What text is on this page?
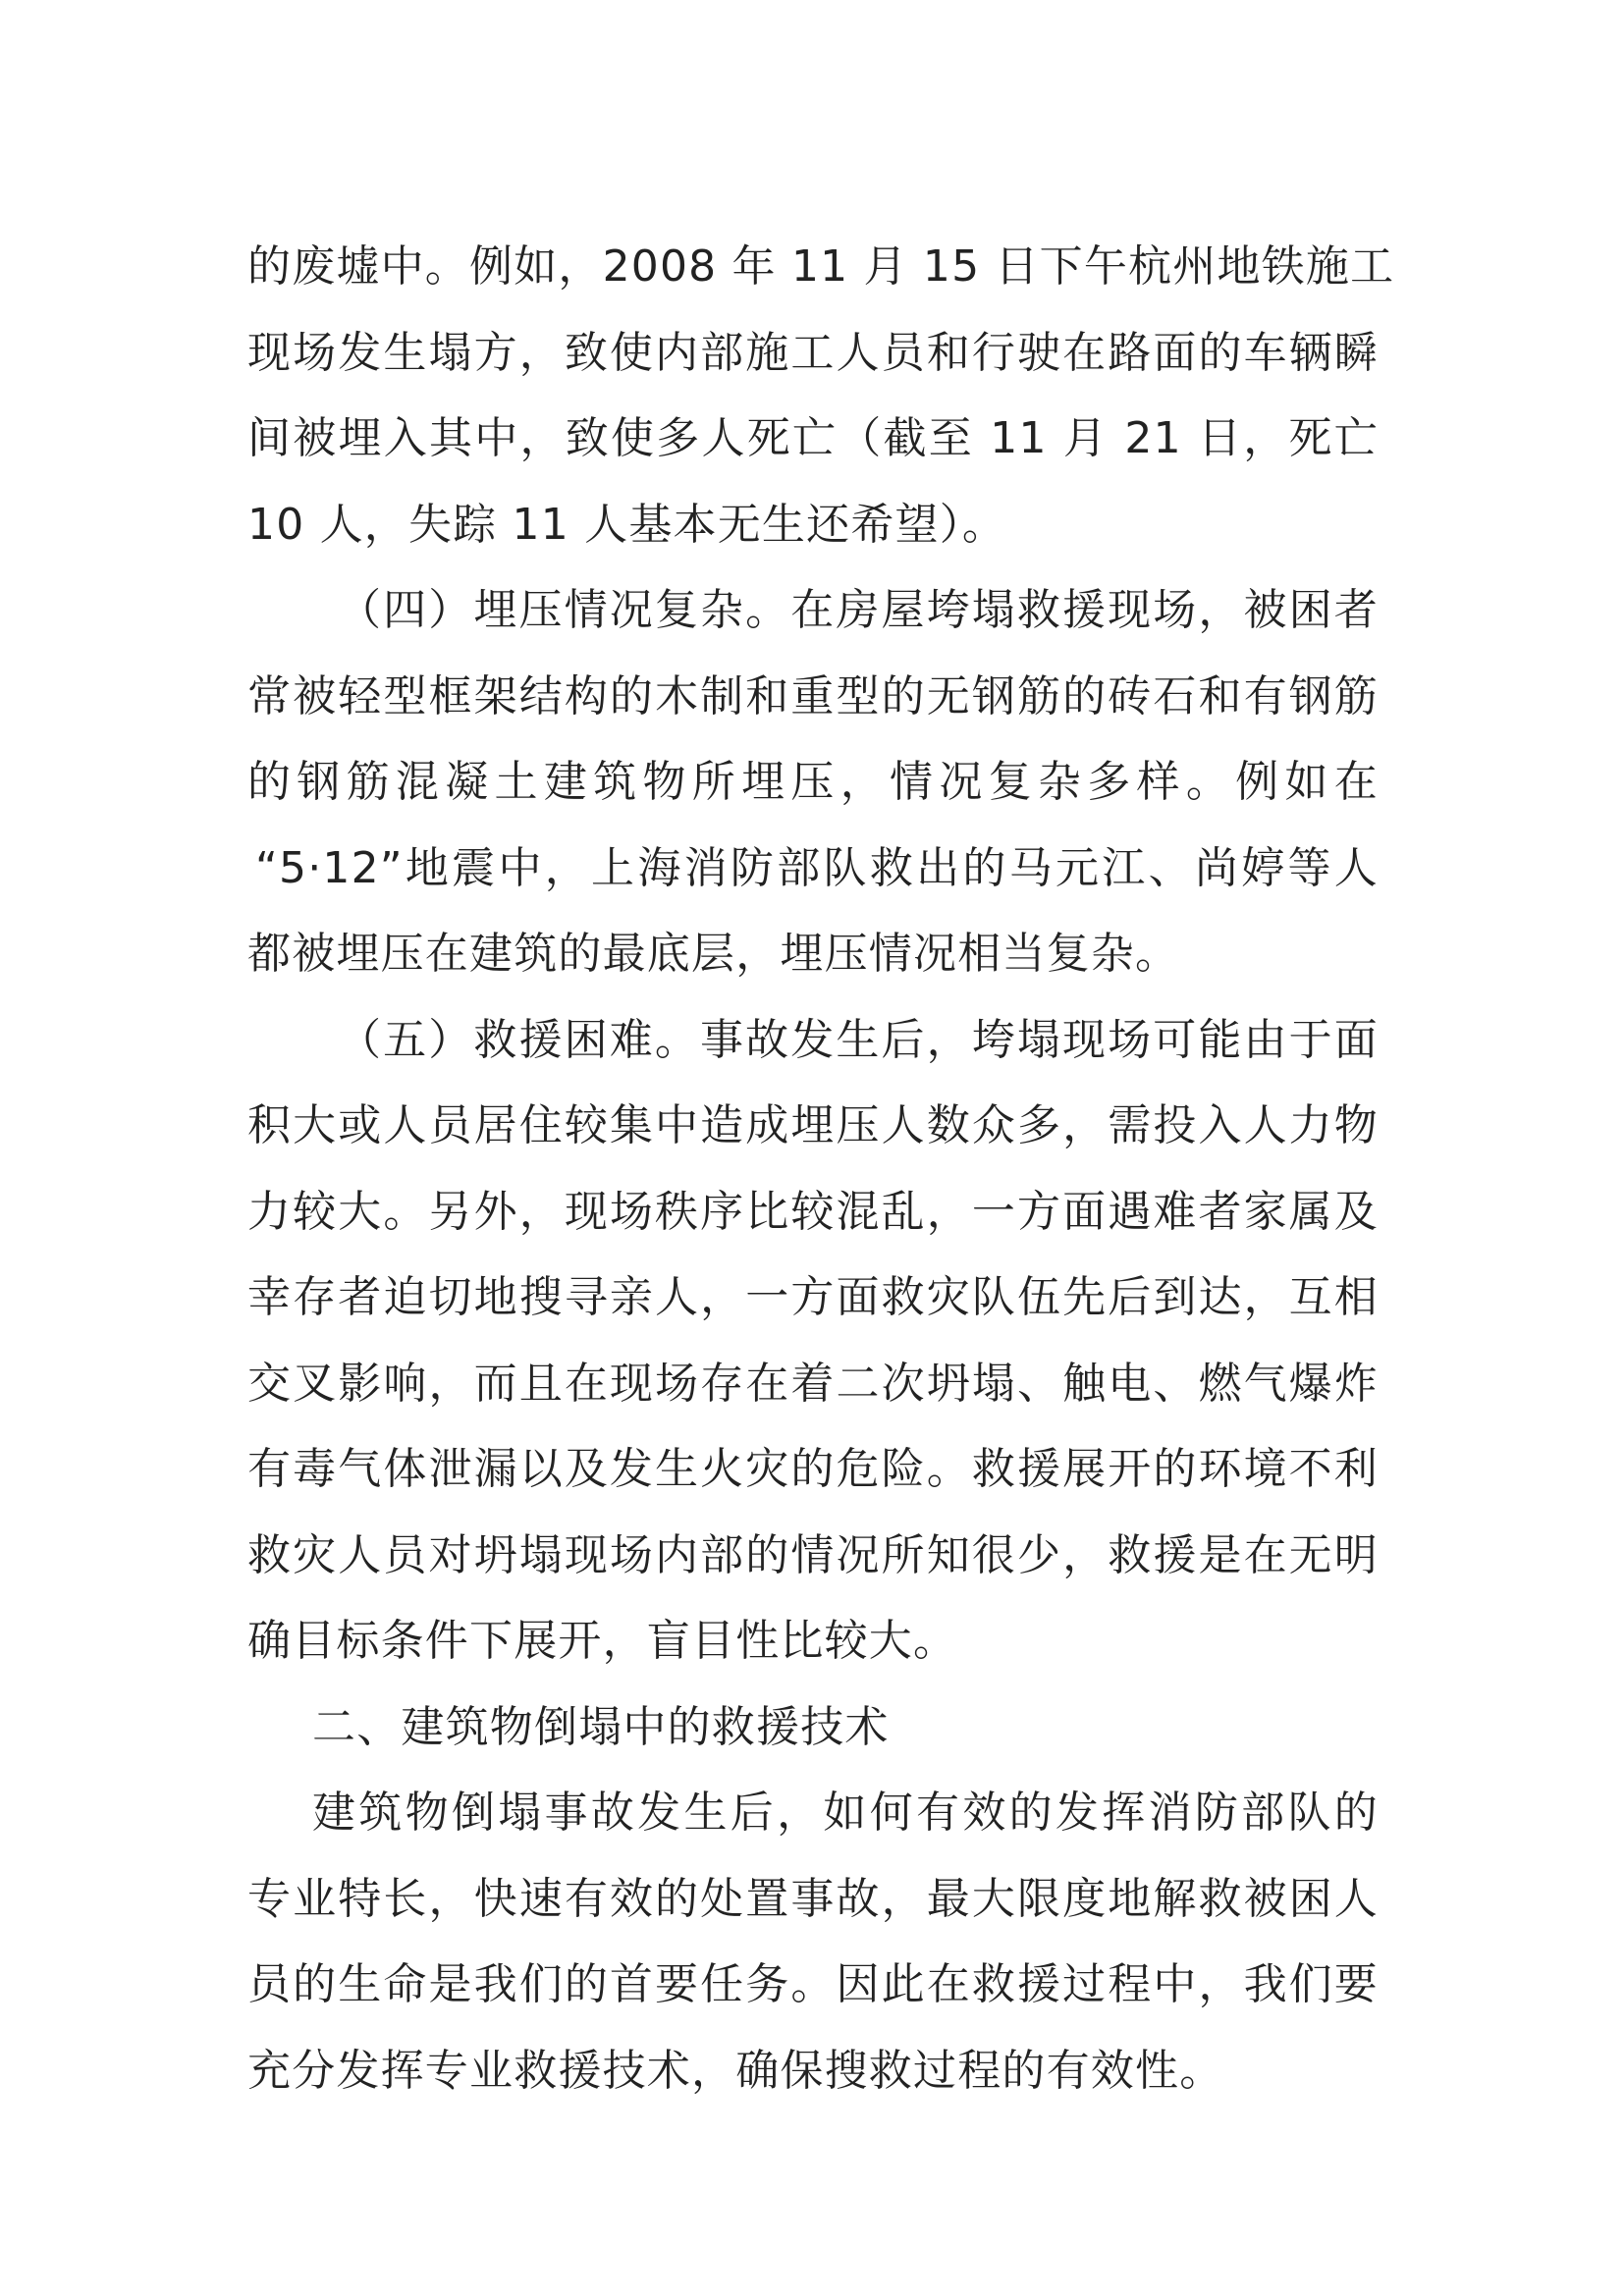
的废墟中。例如，2008 年 11 月 15 日下午杭州地铁施工
现场发生塌方，致使内部施工人员和行驶在路面的车辆瞬
间被埋入其中，致使多人死亡（截至 11 月 21 日，死亡
10 人，失踪 11 人基本无生还希望）。
（四）埋压情况复杂。在房屋垮塌救援现场，被困者
常被轻型框架结构的木制和重型的无钢筋的砖石和有钢筋
的钢筋混凝土建筑物所埋压，情况复杂多样。例如在
“5·12”地震中，上海消防部队救出的马元江、尚婷等人
都被埋压在建筑的最底层，埋压情况相当复杂。
（五）救援困难。事故发生后，垮塌现场可能由于面
积大或人员居住较集中造成埋压人数众多，需投入人力物
力较大。另外，现场秩序比较混乱，一方面遇难者家属及
幸存者迫切地搜寻亲人，一方面救灾队伍先后到达，互相
交叉影响，而且在现场存在着二次坍塌、触电、燃气爆炸
有毒气体泄漏以及发生火灾的危险。救援展开的环境不利
救灾人员对坍塌现场内部的情况所知很少，救援是在无明
确目标条件下展开，盲目性比较大。
二、建筑物倒塌中的救援技术
建筑物倒塌事故发生后，如何有效的发挥消防部队的
专业特长，快速有效的处置事故，最大限度地解救被困人
员的生命是我们的首要任务。因此在救援过程中，我们要
充分发挥专业救援技术，确保搜救过程的有效性。
